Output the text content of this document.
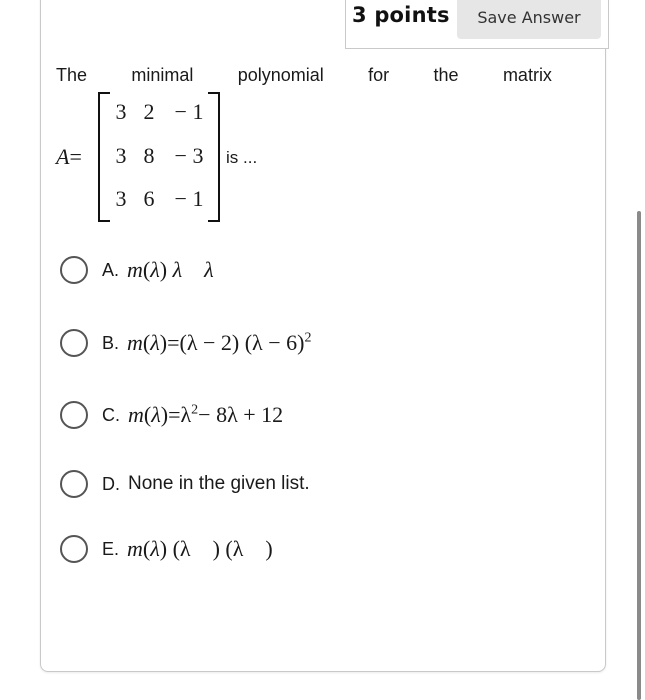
3 points	Save Answer
The minimal polynomial for the matrix
A=
3 2 − 1
3 8 − 3
3 6 − 1
is ...
A. m(λ) λ    λ
B. m(λ)=(λ − 2) $(\lambda - 6)^2$
C. $m(\lambda)=\lambda^2- 8\lambda + 12$
D. None in the given list.
E. m(λ) (λ    ) (λ    )
